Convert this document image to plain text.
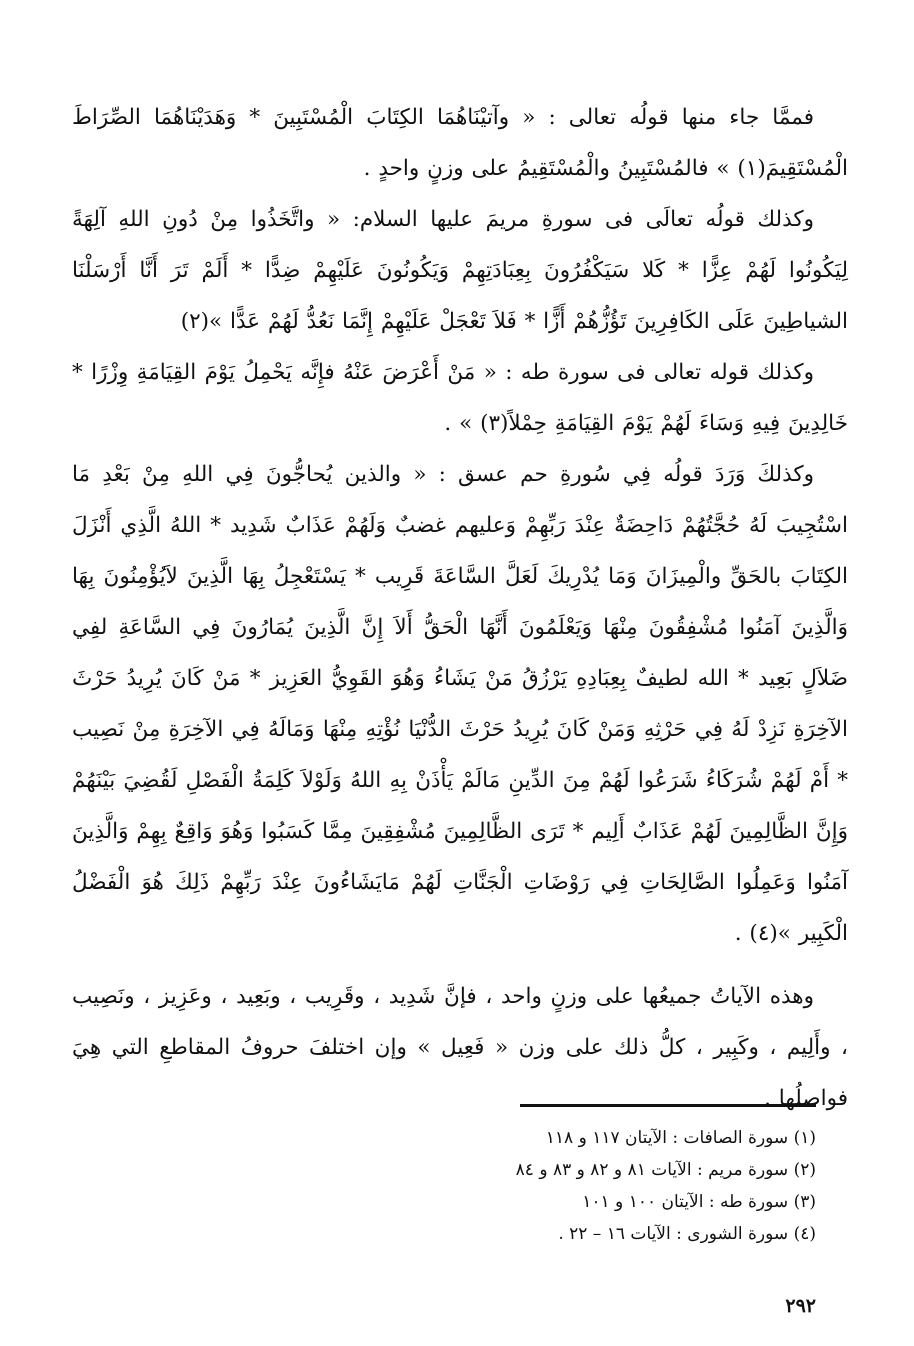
فممَّا جاء منها قولُه تعالى : « وآتيْنَاهُمَا الكِتَابَ الْمُسْتَبِينَ * وَهَدَيْنَاهُمَا الصِّرَاطَ الْمُسْتَقِيمَ(١) » فالمُسْتَبِينُ والْمُسْتَقِيمُ على وزنٍ واحدٍ .

وكذلك قولُه تعالَى فى سورةِ مريمَ عليها السلام: « واتَّخَذُوا مِنْ دُونِ اللهِ آلِهَةً لِيَكُونُوا لَهُمْ عِزًّا * كَلا سَيَكْفُرُونَ بِعِبَادَتِهِمْ وَيَكُونُونَ عَلَيْهِمْ ضِدًّا * أَلَمْ تَرَ أَنَّا أَرْسَلْنَا الشياطِينَ عَلَى الكَافِرِينَ تَؤُزُّهُمْ أَزًّا * فَلاَ تَعْجَلْ عَلَيْهِمْ إِنَّمَا نَعُدُّ لَهُمْ عَدًّا »(٢)

وكذلك قوله تعالى فى سورة طه : « مَنْ أَعْرَضَ عَنْهُ فإِنَّه يَحْمِلُ يَوْمَ القِيَامَةِ وِزْرًا * خَالِدِينَ فِيهِ وَسَاءَ لَهُمْ يَوْمَ القِيَامَةِ حِمْلاً(٣) » .

وكذلكَ وَرَدَ قولُه فِي سُورةِ حم عسق : « والذين يُحاجُّونَ فِي اللهِ مِنْ بَعْدِ مَا اسْتُجِيبَ لَهُ حُجَّتُهُمْ دَاحِضَةٌ عِنْدَ رَبِّهِمْ وَعليهم غضبٌ وَلَهُمْ عَذَابٌ شَدِيد * اللهُ الَّذِي أَنْزَلَ الكِتَابَ بالحَقِّ والْمِيزَانَ وَمَا يُدْرِيكَ لَعَلَّ السَّاعَةَ قَرِيب * يَسْتَعْجِلُ بِهَا الَّذِينَ لاَيُؤْمِنُونَ بِهَا وَالَّذِينَ آمَنُوا مُشْفِقُونَ مِنْهَا وَيَعْلَمُونَ أَنَّهَا الْحَقُّ أَلاَ إِنَّ الَّذِينَ يُمَارُونَ فِي السَّاعَةِ لفِي ضَلاَلٍ بَعِيد * الله لطيفٌ بِعِبَادِهِ يَرْزُقُ مَنْ يَشَاءُ وَهُوَ القَوِيُّ العَزِيز * مَنْ كَانَ يُرِيدُ حَرْثَ الآخِرَةِ نَزِدْ لَهُ فِي حَرْثِهِ وَمَنْ كَانَ يُرِيدُ حَرْثَ الدُّنْيَا نُؤْتِهِ مِنْهَا وَمَالَهُ فِي الآخِرَةِ مِنْ نَصِيب * أَمْ لَهُمْ شُرَكَاءُ شَرَعُوا لَهُمْ مِنَ الدِّينِ مَالَمْ يَأْذَنْ بِهِ اللهُ وَلَوْلاَ كَلِمَةُ الْفَصْلِ لَقُضِيَ بَيْنَهُمْ وَإِنَّ الظَّالِمِينَ لَهُمْ عَذَابٌ أَلِيم * تَرَى الظَّالِمِينَ مُشْفِقِينَ مِمَّا كَسَبُوا وَهُوَ وَاقِعٌ بِهِمْ وَالَّذِينَ آمَنُوا وَعَمِلُوا الصَّالِحَاتِ فِي رَوْضَاتِ الْجَنَّاتِ لَهُمْ مَايَشَاءُونَ عِنْدَ رَبِّهِمْ ذَلِكَ هُوَ الْفَضْلُ الْكَبِير »(٤) .

وهذه الآياتُ جميعُها على وزنٍ واحد ، فإنَّ شَدِيد ، وقَرِيب ، وبَعِيد ، وعَزِيز ، ونَصِيب ، وأَلِيم ، وكَبِير ، كلُّ ذلك على وزن « فَعِيل » وإن اختلفَ حروفُ المقاطعِ التي هِيَ فواصلُها .

(١) سورة الصافات : الآيتان ١١٧ و ١١٨
(٢) سورة مريم : الآيات ٨١ و ٨٢ و ٨٣ و ٨٤
(٣) سورة طه : الآيتان ١٠٠ و ١٠١
(٤) سورة الشورى : الآيات ١٦ – ٢٢ .
٢٩٢
